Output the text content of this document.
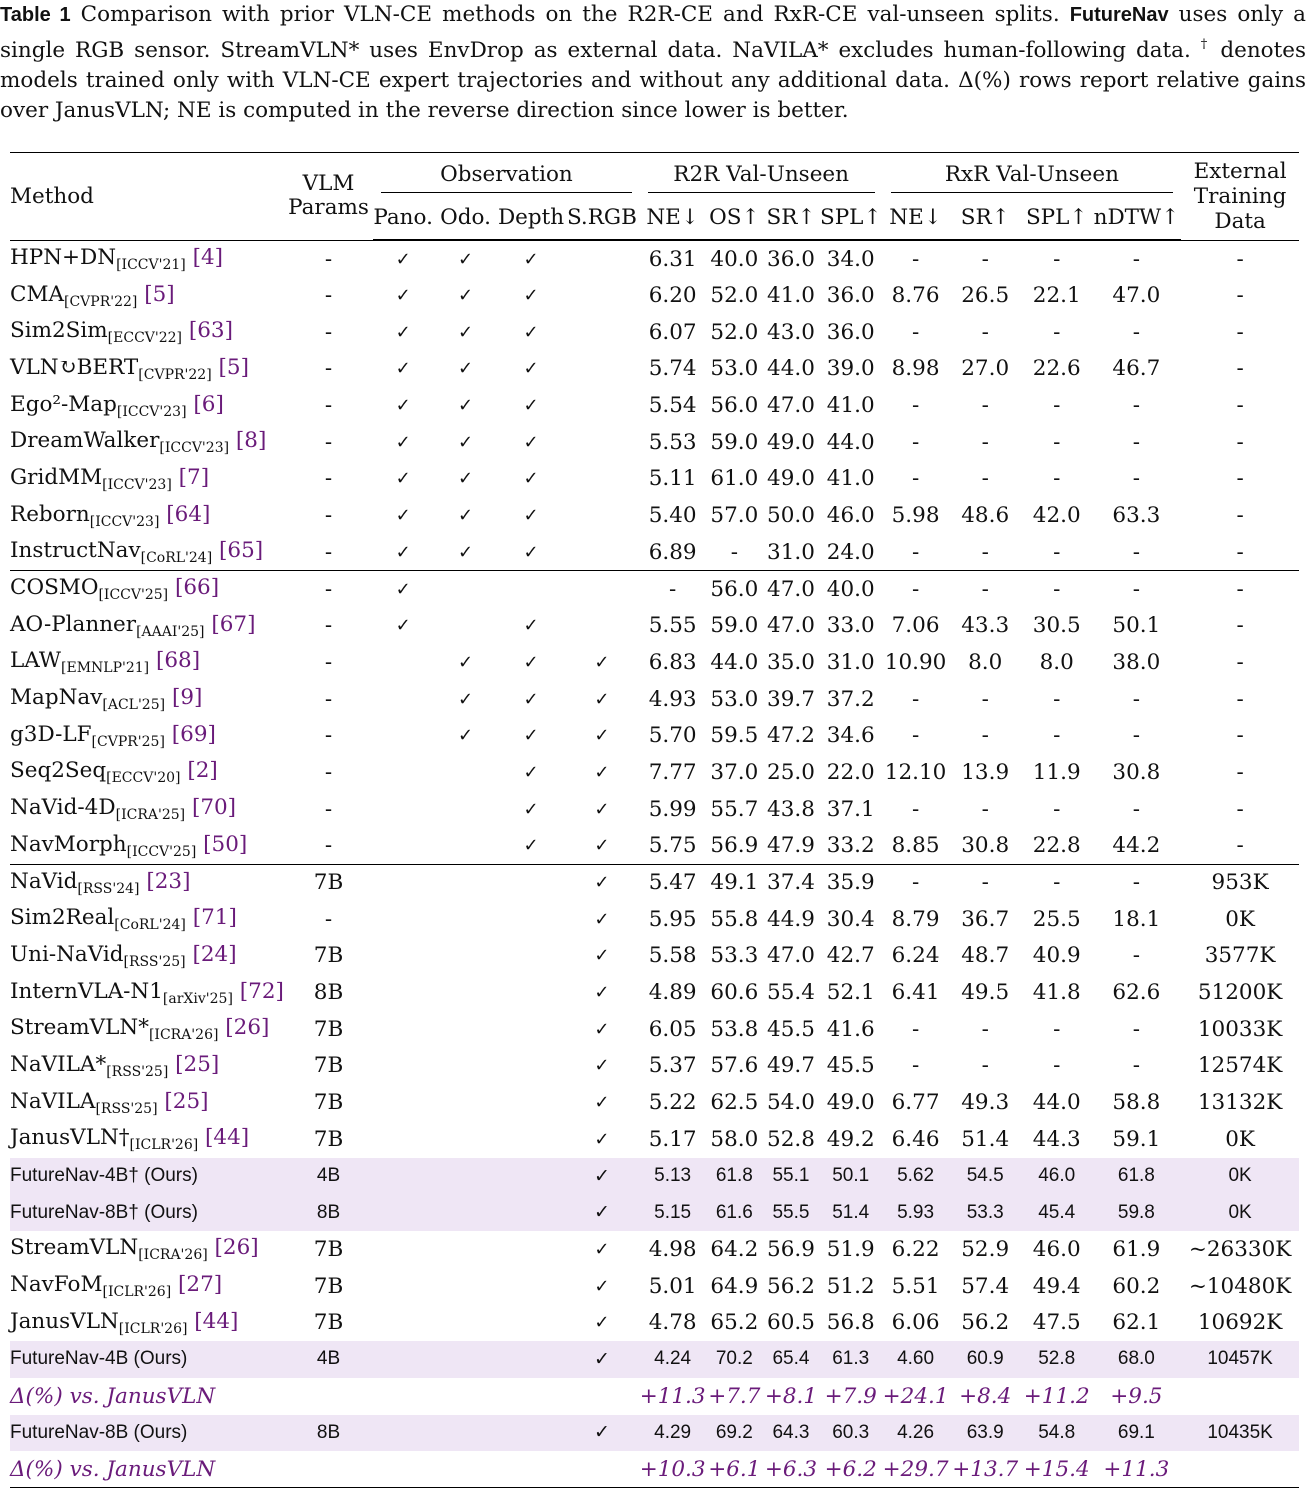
Table 1 Comparison with prior VLN-CE methods on the R2R-CE and RxR-CE val-unseen splits. FutureNav uses only a single RGB sensor. StreamVLN* uses EnvDrop as external data. NaVILA* excludes human-following data. † denotes models trained only with VLN-CE expert trajectories and without any additional data. Δ(%) rows report relative gains over JanusVLN; NE is computed in the reverse direction since lower is better.
Method	VLM Params	Observation				R2R Val-Unseen				RxR Val-Unseen				External Training Data
		Pano.	Odo.	Depth	S.RGB	NE↓	OS↑	SR↑	SPL↑	NE↓	SR↑	SPL↑	nDTW↑	

$HPN+DN_{[ICCV'21]}$ [4]	-	✓	✓	✓		6.31	40.0	36.0	34.0	-	-	-	-	-
$CMA_{[CVPR'22]}$ [5]	-	✓	✓	✓		6.20	52.0	41.0	36.0	8.76	26.5	22.1	47.0	-
Sim2Sim$_{[ECCV'22]}$ [63]	-	✓	✓	✓		6.07	52.0	43.0	36.0	-	-	-	-	-
$VLN↻BERT_{[CVPR'22]}$ [5]	-	✓	✓	✓		5.74	53.0	44.0	39.0	8.98	27.0	22.6	46.7	-
Ego²-Map$_{[ICCV'23]}$ [6]	-	✓	✓	✓		5.54	56.0	47.0	41.0	-	-	-	-	-
DreamWalker$_{[ICCV'23]}$ [8]	-	✓	✓	✓		5.53	59.0	49.0	44.0	-	-	-	-	-
GridMM$_{[ICCV'23]}$ [7]	-	✓	✓	✓		5.11	61.0	49.0	41.0	-	-	-	-	-
Reborn$_{[ICCV'23]}$ [64]	-	✓	✓	✓		5.40	57.0	50.0	46.0	5.98	48.6	42.0	63.3	-
InstructNav$_{[CoRL'24]}$ [65]	-	✓	✓	✓		6.89	-	31.0	24.0	-	-	-	-	-
$COSMO_{[ICCV'25]}$ [66]	-	✓				-	56.0	47.0	40.0	-	-	-	-	-
AO-Planner$_{[AAAI'25]}$ [67]	-	✓		✓		5.55	59.0	47.0	33.0	7.06	43.3	30.5	50.1	-
$LAW_{[EMNLP'21]}$ [68]	-		✓	✓	✓	6.83	44.0	35.0	31.0	10.90	8.0	8.0	38.0	-
MapNav$_{[ACL'25]}$ [9]	-		✓	✓	✓	4.93	53.0	39.7	37.2	-	-	-	-	-
$g3D-LF_{[CVPR'25]}$ [69]	-		✓	✓	✓	5.70	59.5	47.2	34.6	-	-	-	-	-
Seq2Seq$_{[ECCV'20]}$ [2]	-			✓	✓	7.77	37.0	25.0	22.0	12.10	13.9	11.9	30.8	-
NaVid-$4D_{[ICRA'25]}$ [70]	-			✓	✓	5.99	55.7	43.8	37.1	-	-	-	-	-
NavMorph$_{[ICCV'25]}$ [50]	-			✓	✓	5.75	56.9	47.9	33.2	8.85	30.8	22.8	44.2	-
NaVid$_{[RSS'24]}$ [23]	7B				✓	5.47	49.1	37.4	35.9	-	-	-	-	953K
Sim2Real$_{[CoRL'24]}$ [71]	-				✓	5.95	55.8	44.9	30.4	8.79	36.7	25.5	18.1	0K
Uni-NaVid$_{[RSS'25]}$ [24]	7B				✓	5.58	53.3	47.0	42.7	6.24	48.7	40.9	-	3577K
InternVLA-$N1_{[arXiv'25]}$ [72]	8B				✓	4.89	60.6	55.4	52.1	6.41	49.5	41.8	62.6	51200K
$StreamVLN*_{[ICRA'26]}$ [26]	7B				✓	6.05	53.8	45.5	41.6	-	-	-	-	10033K
$NaVILA*_{[RSS'25]}$ [25]	7B				✓	5.37	57.6	49.7	45.5	-	-	-	-	12574K
NaVILA$_{[RSS'25]}$ [25]	7B				✓	5.22	62.5	54.0	49.0	6.77	49.3	44.0	58.8	13132K
$JanusVLN\dagger_{[ICLR'26]}$ [44]	7B				✓	5.17	58.0	52.8	49.2	6.46	51.4	44.3	59.1	0K
FutureNav-4B† (Ours)	4B				✓	5.13	61.8	55.1	50.1	5.62	54.5	46.0	61.8	0K
FutureNav-8B† (Ours)	8B				✓	5.15	61.6	55.5	51.4	5.93	53.3	45.4	59.8	0K
StreamVLN$_{[ICRA'26]}$ [26]	7B				✓	4.98	64.2	56.9	51.9	6.22	52.9	46.0	61.9	~26330K
NavFoM$_{[ICLR'26]}$ [27]	7B				✓	5.01	64.9	56.2	51.2	5.51	57.4	49.4	60.2	~10480K
JanusVLN$_{[ICLR'26]}$ [44]	7B				✓	4.78	65.2	60.5	56.8	6.06	56.2	47.5	62.1	10692K
FutureNav-4B (Ours)	4B				✓	4.24	70.2	65.4	61.3	4.60	60.9	52.8	68.0	10457K
Δ(%) vs. JanusVLN						+11.3	+7.7	+8.1	+7.9	+24.1	+8.4	+11.2	+9.5	
FutureNav-8B (Ours)	8B				✓	4.29	69.2	64.3	60.3	4.26	63.9	54.8	69.1	10435K
Δ(%) vs. JanusVLN						+10.3	+6.1	+6.3	+6.2	+29.7	+13.7	+15.4	+11.3	
